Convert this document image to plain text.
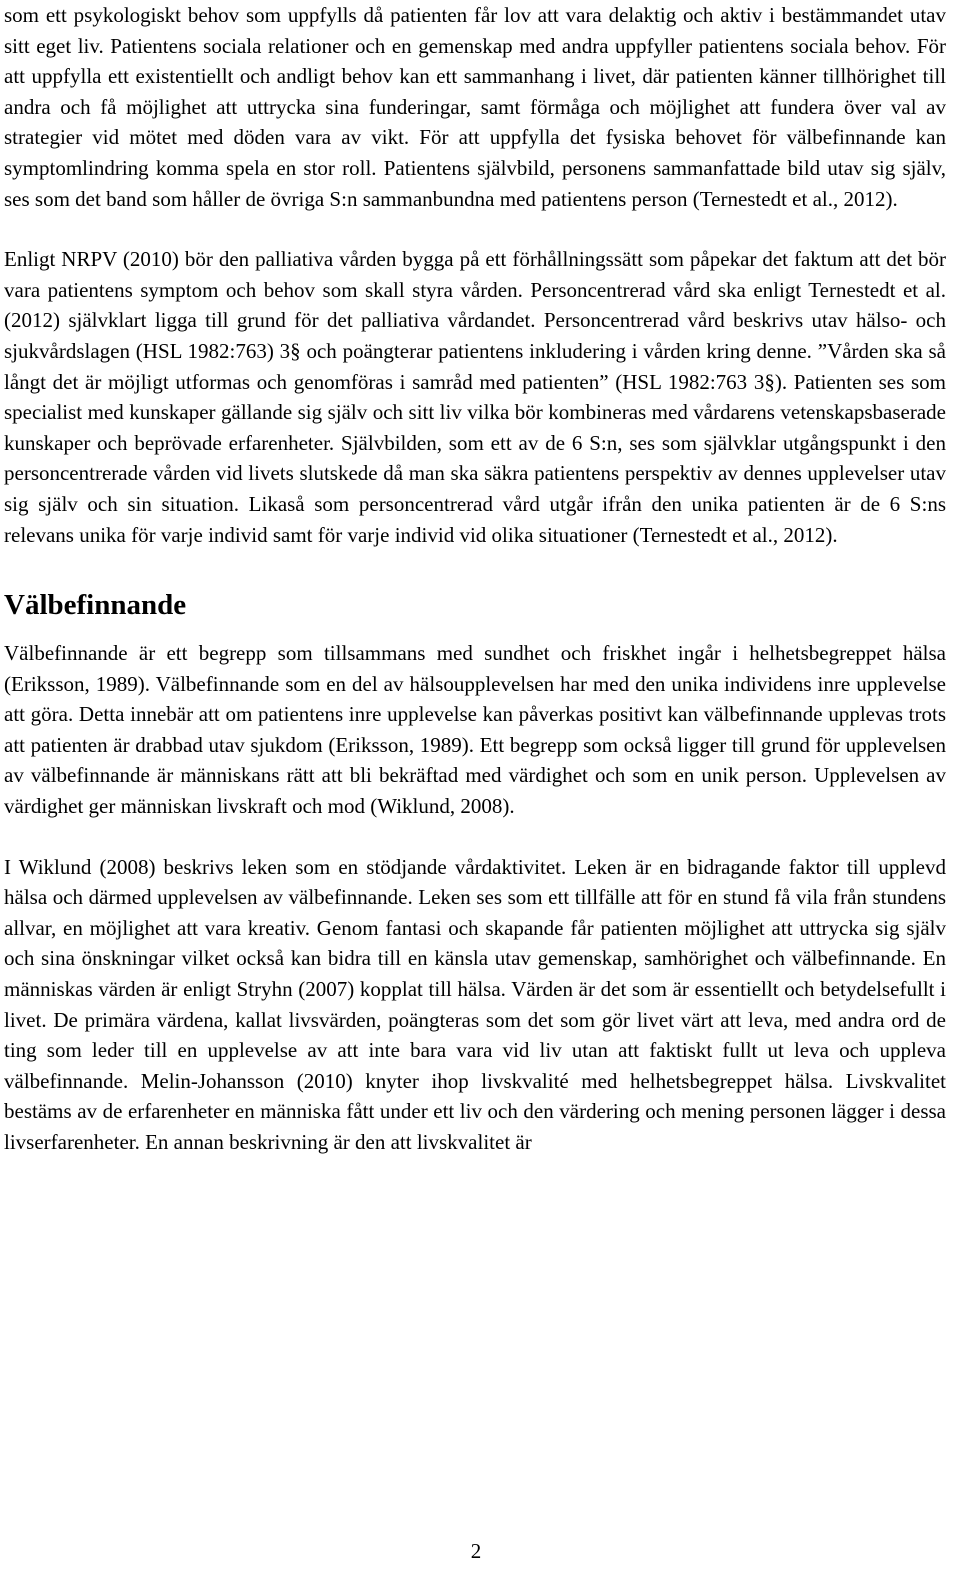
som ett psykologiskt behov som uppfylls då patienten får lov att vara delaktig och aktiv i bestämmandet utav sitt eget liv. Patientens sociala relationer och en gemenskap med andra uppfyller patientens sociala behov. För att uppfylla ett existentiellt och andligt behov kan ett sammanhang i livet, där patienten känner tillhörighet till andra och få möjlighet att uttrycka sina funderingar, samt förmåga och möjlighet att fundera över val av strategier vid mötet med döden vara av vikt. För att uppfylla det fysiska behovet för välbefinnande kan symptomlindring komma spela en stor roll. Patientens självbild, personens sammanfattade bild utav sig själv, ses som det band som håller de övriga S:n sammanbundna med patientens person (Ternestedt et al., 2012).

Enligt NRPV (2010) bör den palliativa vården bygga på ett förhållningssätt som påpekar det faktum att det bör vara patientens symptom och behov som skall styra vården. Personcentrerad vård ska enligt Ternestedt et al. (2012) självklart ligga till grund för det palliativa vårdandet. Personcentrerad vård beskrivs utav hälso- och sjukvårdslagen (HSL 1982:763) 3§ och poängterar patientens inkludering i vården kring denne. ”Vården ska så långt det är möjligt utformas och genomföras i samråd med patienten” (HSL 1982:763 3§). Patienten ses som specialist med kunskaper gällande sig själv och sitt liv vilka bör kombineras med vårdarens vetenskapsbaserade kunskaper och beprövade erfarenheter. Självbilden, som ett av de 6 S:n, ses som självklar utgångspunkt i den personcentrerade vården vid livets slutskede då man ska säkra patientens perspektiv av dennes upplevelser utav sig själv och sin situation. Likaså som personcentrerad vård utgår ifrån den unika patienten är de 6 S:ns relevans unika för varje individ samt för varje individ vid olika situationer (Ternestedt et al., 2012).

Välbefinnande

Välbefinnande är ett begrepp som tillsammans med sundhet och friskhet ingår i helhetsbegreppet hälsa (Eriksson, 1989). Välbefinnande som en del av hälsoupplevelsen har med den unika individens inre upplevelse att göra. Detta innebär att om patientens inre upplevelse kan påverkas positivt kan välbefinnande upplevas trots att patienten är drabbad utav sjukdom (Eriksson, 1989). Ett begrepp som också ligger till grund för upplevelsen av välbefinnande är människans rätt att bli bekräftad med värdighet och som en unik person. Upplevelsen av värdighet ger människan livskraft och mod (Wiklund, 2008).

I Wiklund (2008) beskrivs leken som en stödjande vårdaktivitet. Leken är en bidragande faktor till upplevd hälsa och därmed upplevelsen av välbefinnande. Leken ses som ett tillfälle att för en stund få vila från stundens allvar, en möjlighet att vara kreativ. Genom fantasi och skapande får patienten möjlighet att uttrycka sig själv och sina önskningar vilket också kan bidra till en känsla utav gemenskap, samhörighet och välbefinnande. En människas värden är enligt Stryhn (2007) kopplat till hälsa. Värden är det som är essentiellt och betydelsefullt i livet. De primära värdena, kallat livsvärden, poängteras som det som gör livet värt att leva, med andra ord de ting som leder till en upplevelse av att inte bara vara vid liv utan att faktiskt fullt ut leva och uppleva välbefinnande. Melin-Johansson (2010) knyter ihop livskvalité med helhetsbegreppet hälsa. Livskvalitet bestäms av de erfarenheter en människa fått under ett liv och den värdering och mening personen lägger i dessa livserfarenheter. En annan beskrivning är den att livskvalitet är

2
